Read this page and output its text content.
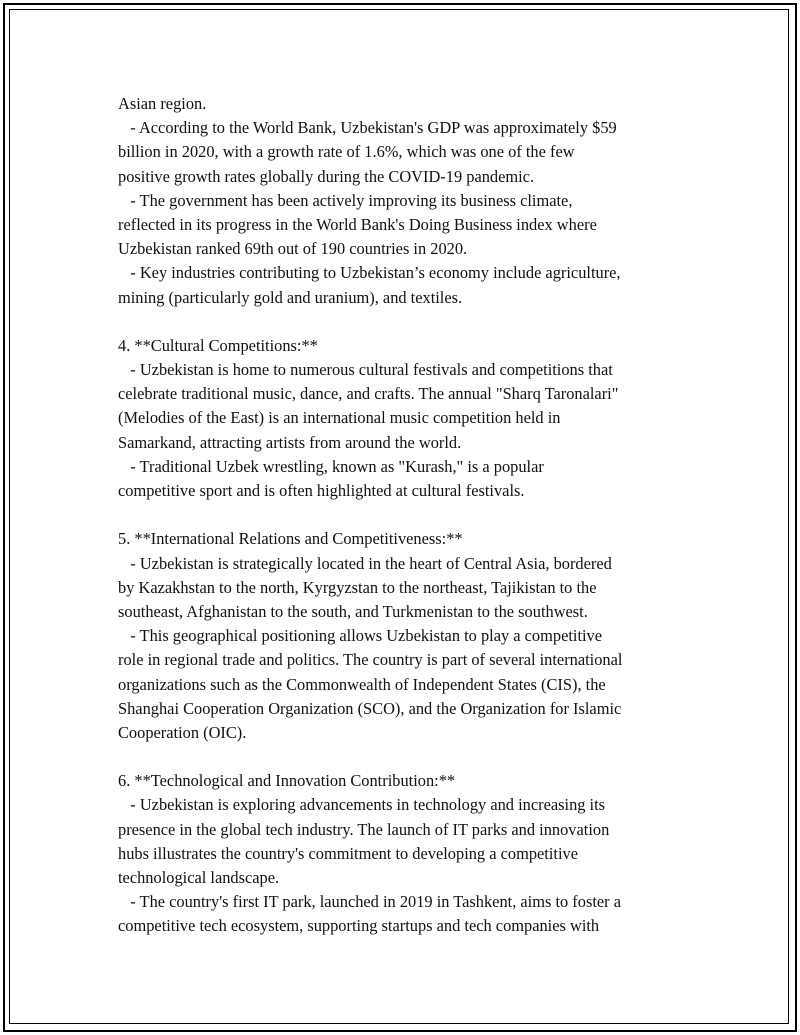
Asian region.
- According to the World Bank, Uzbekistan's GDP was approximately $59
billion in 2020, with a growth rate of 1.6%, which was one of the few
positive growth rates globally during the COVID-19 pandemic.
- The government has been actively improving its business climate,
reflected in its progress in the World Bank's Doing Business index where
Uzbekistan ranked 69th out of 190 countries in 2020.
- Key industries contributing to Uzbekistan’s economy include agriculture,
mining (particularly gold and uranium), and textiles.
4. **Cultural Competitions:**
- Uzbekistan is home to numerous cultural festivals and competitions that
celebrate traditional music, dance, and crafts. The annual "Sharq Taronalari"
(Melodies of the East) is an international music competition held in
Samarkand, attracting artists from around the world.
- Traditional Uzbek wrestling, known as "Kurash," is a popular
competitive sport and is often highlighted at cultural festivals.
5. **International Relations and Competitiveness:**
- Uzbekistan is strategically located in the heart of Central Asia, bordered
by Kazakhstan to the north, Kyrgyzstan to the northeast, Tajikistan to the
southeast, Afghanistan to the south, and Turkmenistan to the southwest.
- This geographical positioning allows Uzbekistan to play a competitive
role in regional trade and politics. The country is part of several international
organizations such as the Commonwealth of Independent States (CIS), the
Shanghai Cooperation Organization (SCO), and the Organization for Islamic
Cooperation (OIC).
6. **Technological and Innovation Contribution:**
- Uzbekistan is exploring advancements in technology and increasing its
presence in the global tech industry. The launch of IT parks and innovation
hubs illustrates the country's commitment to developing a competitive
technological landscape.
- The country's first IT park, launched in 2019 in Tashkent, aims to foster a
competitive tech ecosystem, supporting startups and tech companies with
